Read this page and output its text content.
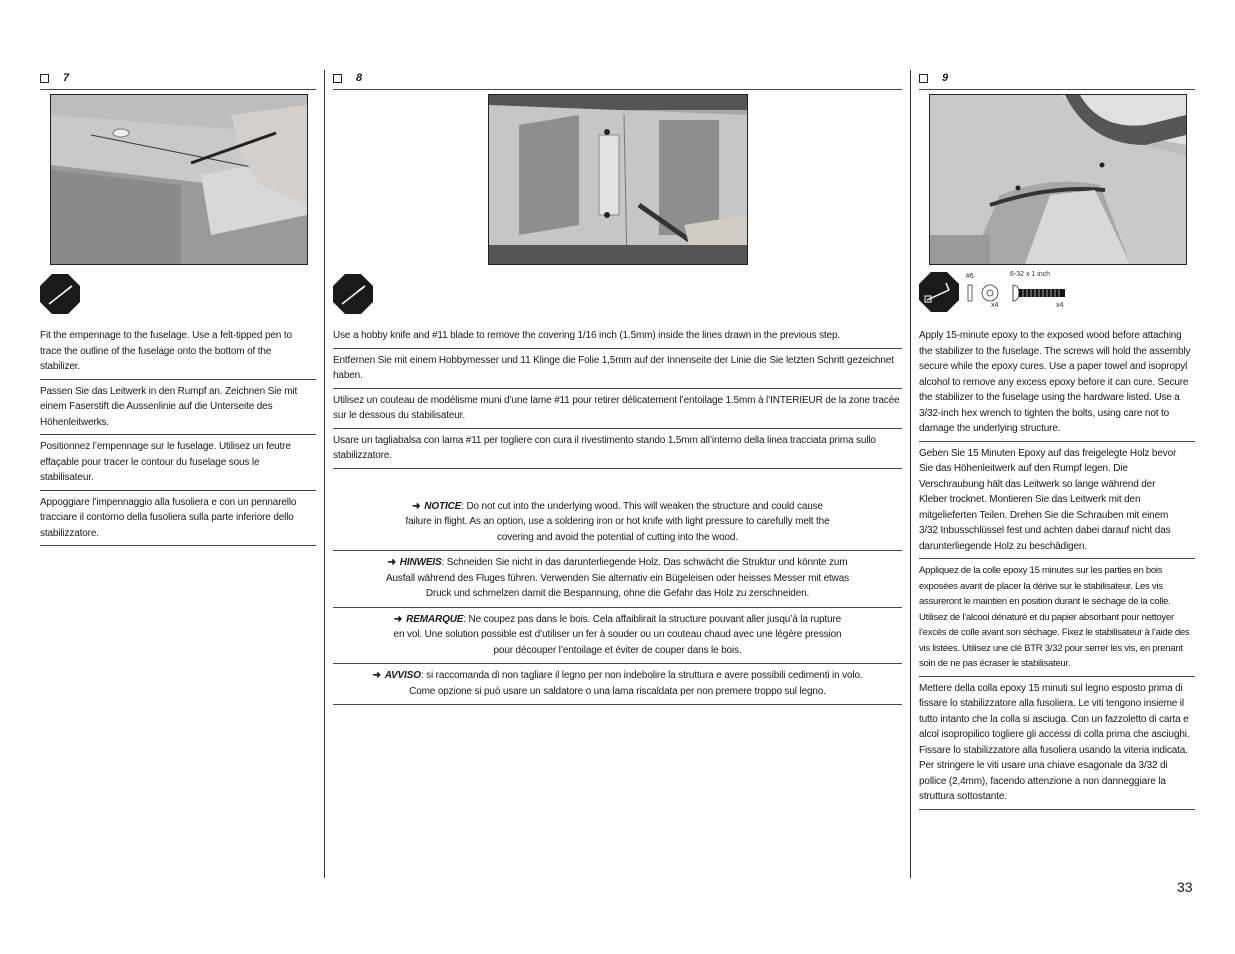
7
Fit the empennage to the fuselage. Use a felt-tipped pen to trace the outline of the fuselage onto the bottom of the stabilizer.
Passen Sie das Leitwerk in den Rumpf an. Zeichnen Sie mit einem Faserstift die Aussenlinie auf die Unterseite des Höhenleitwerks.
Positionnez l’empennage sur le fuselage. Utilisez un feutre effaçable pour tracer le contour du fuselage sous le stabilisateur.
Appoggiare l’impennaggio alla fusoliera e con un pennarello tracciare il contorno della fusoliera sulla parte inferiore dello stabilizzatore.
8
Use a hobby knife and #11 blade to remove the covering 1/16 inch (1.5mm) inside the lines drawn in the previous step.
Entfernen Sie mit einem Hobbymesser und 11 Klinge die Folie 1,5mm auf der Innenseite der Linie die Sie letzten Schritt gezeichnet haben.
Utilisez un couteau de modélisme muni d’une lame #11 pour retirer délicatement l’entoilage 1.5mm à l’INTERIEUR de la zone tracée sur le dessous du stabilisateur.
Usare un tagliabalsa con lama #11 per togliere con cura il rivestimento stando 1,5mm all’interno della linea tracciata prima sullo stabilizzatore.
➜ NOTICE: Do not cut into the underlying wood. This will weaken the structure and could cause failure in flight. As an option, use a soldering iron or hot knife with light pressure to carefully melt the covering and avoid the potential of cutting into the wood.
➜ HINWEIS: Schneiden Sie nicht in das darunterliegende Holz. Das schwächt die Struktur und könnte zum Ausfall während des Fluges führen. Verwenden Sie alternativ ein Bügeleisen oder heisses Messer mit etwas Druck und schmelzen damit die Bespannung, ohne die Gefahr das Holz zu zerschneiden.
➜ REMARQUE: Ne coupez pas dans le bois. Cela affaiblirait la structure pouvant aller jusqu’à la rupture en vol. Une solution possible est d’utiliser un fer à souder ou un couteau chaud avec une légère pression pour découper l’entoilage et éviter de couper dans le bois.
➜ AVVISO: si raccomanda di non tagliare il legno per non indebolire la struttura e avere possibili cedimenti in volo. Come opzione si può usare un saldatore o una lama riscaldata per non premere troppo sul legno.
9
#6
x4
6-32 x 1 inch
x4
Apply 15-minute epoxy to the exposed wood before attaching the stabilizer to the fuselage. The screws will hold the assembly secure while the epoxy cures. Use a paper towel and isopropyl alcohol to remove any excess epoxy before it can cure. Secure the stabilizer to the fuselage using the hardware listed. Use a 3/32-inch hex wrench to tighten the bolts, using care not to damage the underlying structure.
Geben Sie 15 Minuten Epoxy auf das freigelegte Holz bevor Sie das Höhenleitwerk auf den Rumpf legen. Die Verschraubung hält das Leitwerk so lange während der Kleber trocknet. Montieren Sie das Leitwerk mit den mitgelieferten Teilen. Drehen Sie die Schrauben mit einem 3/32 Inbusschlüssel fest und achten dabei darauf nicht das darunterliegende Holz zu beschädigen.
Appliquez de la colle epoxy 15 minutes sur les parties en bois exposées avant de placer la dérive sur le stabilisateur. Les vis assureront le maintien en position durant le séchage de la colle. Utilisez de l’alcool dénaturé et du papier absorbant pour nettoyer l’excès de colle avant son séchage. Fixez le stabilisateur à l’aide des vis listées. Utilisez une clé BTR 3/32 pour serrer les vis, en prenant soin de ne pas écraser le stabilisateur.
Mettere della colla epoxy 15 minuti sul legno esposto prima di fissare lo stabilizzatore alla fusoliera. Le viti tengono insieme il tutto intanto che la colla si asciuga. Con un fazzoletto di carta e alcol isopropilico togliere gli accessi di colla prima che asciughi. Fissare lo stabilizzatore alla fusoliera usando la viteria indicata. Per stringere le viti usare una chiave esagonale da 3/32 di pollice (2,4mm), facendo attenzione a non danneggiare la struttura sottostante.
33
